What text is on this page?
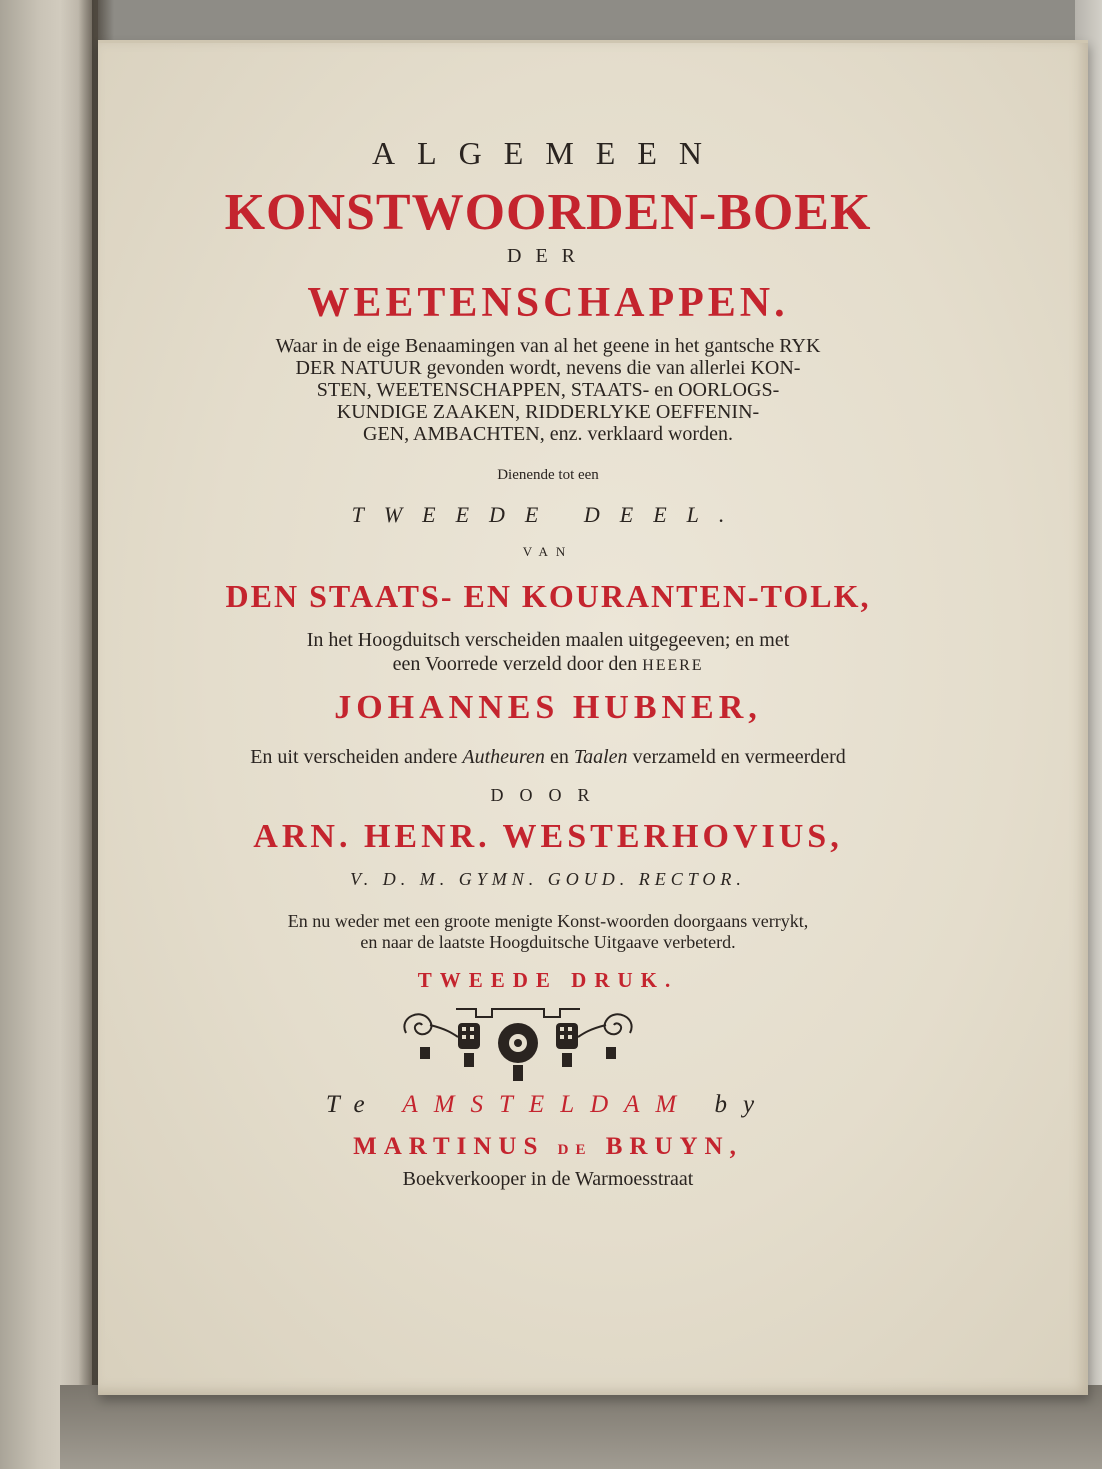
ALGEMEEN
KONSTWOORDEN-BOEK
DER
WEETENSCHAPPEN.
Waar in de eige Benaamingen van al het geene in het gantsche RYK
DER NATUUR gevonden wordt, nevens die van allerlei KON-
STEN, WEETENSCHAPPEN, STAATS- en OORLOGS-
KUNDIGE ZAAKEN, RIDDERLYKE OEFFENIN-
GEN, AMBACHTEN, enz. verklaard worden.
Dienende tot een
TWEEDE DEEL.
VAN
DEN STAATS- EN KOURANTEN-TOLK,
In het Hoogduitsch verscheiden maalen uitgegeeven; en met
een Voorrede verzeld door den HEERE
JOHANNES HUBNER,
En uit verscheiden andere Autheuren en Taalen verzameld en vermeerderd
DOOR
ARN. HENR. WESTERHOVIUS,
V. D. M. GYMN. GOUD. RECTOR.
En nu weder met een groote menigte Konst-woorden doorgaans verrykt,
en naar de laatste Hoogduitsche Uitgaave verbeterd.
TWEEDE DRUK.
Te AMSTELDAM by
MARTINUS DE BRUYN,
Boekverkooper in de Warmoesstraat
